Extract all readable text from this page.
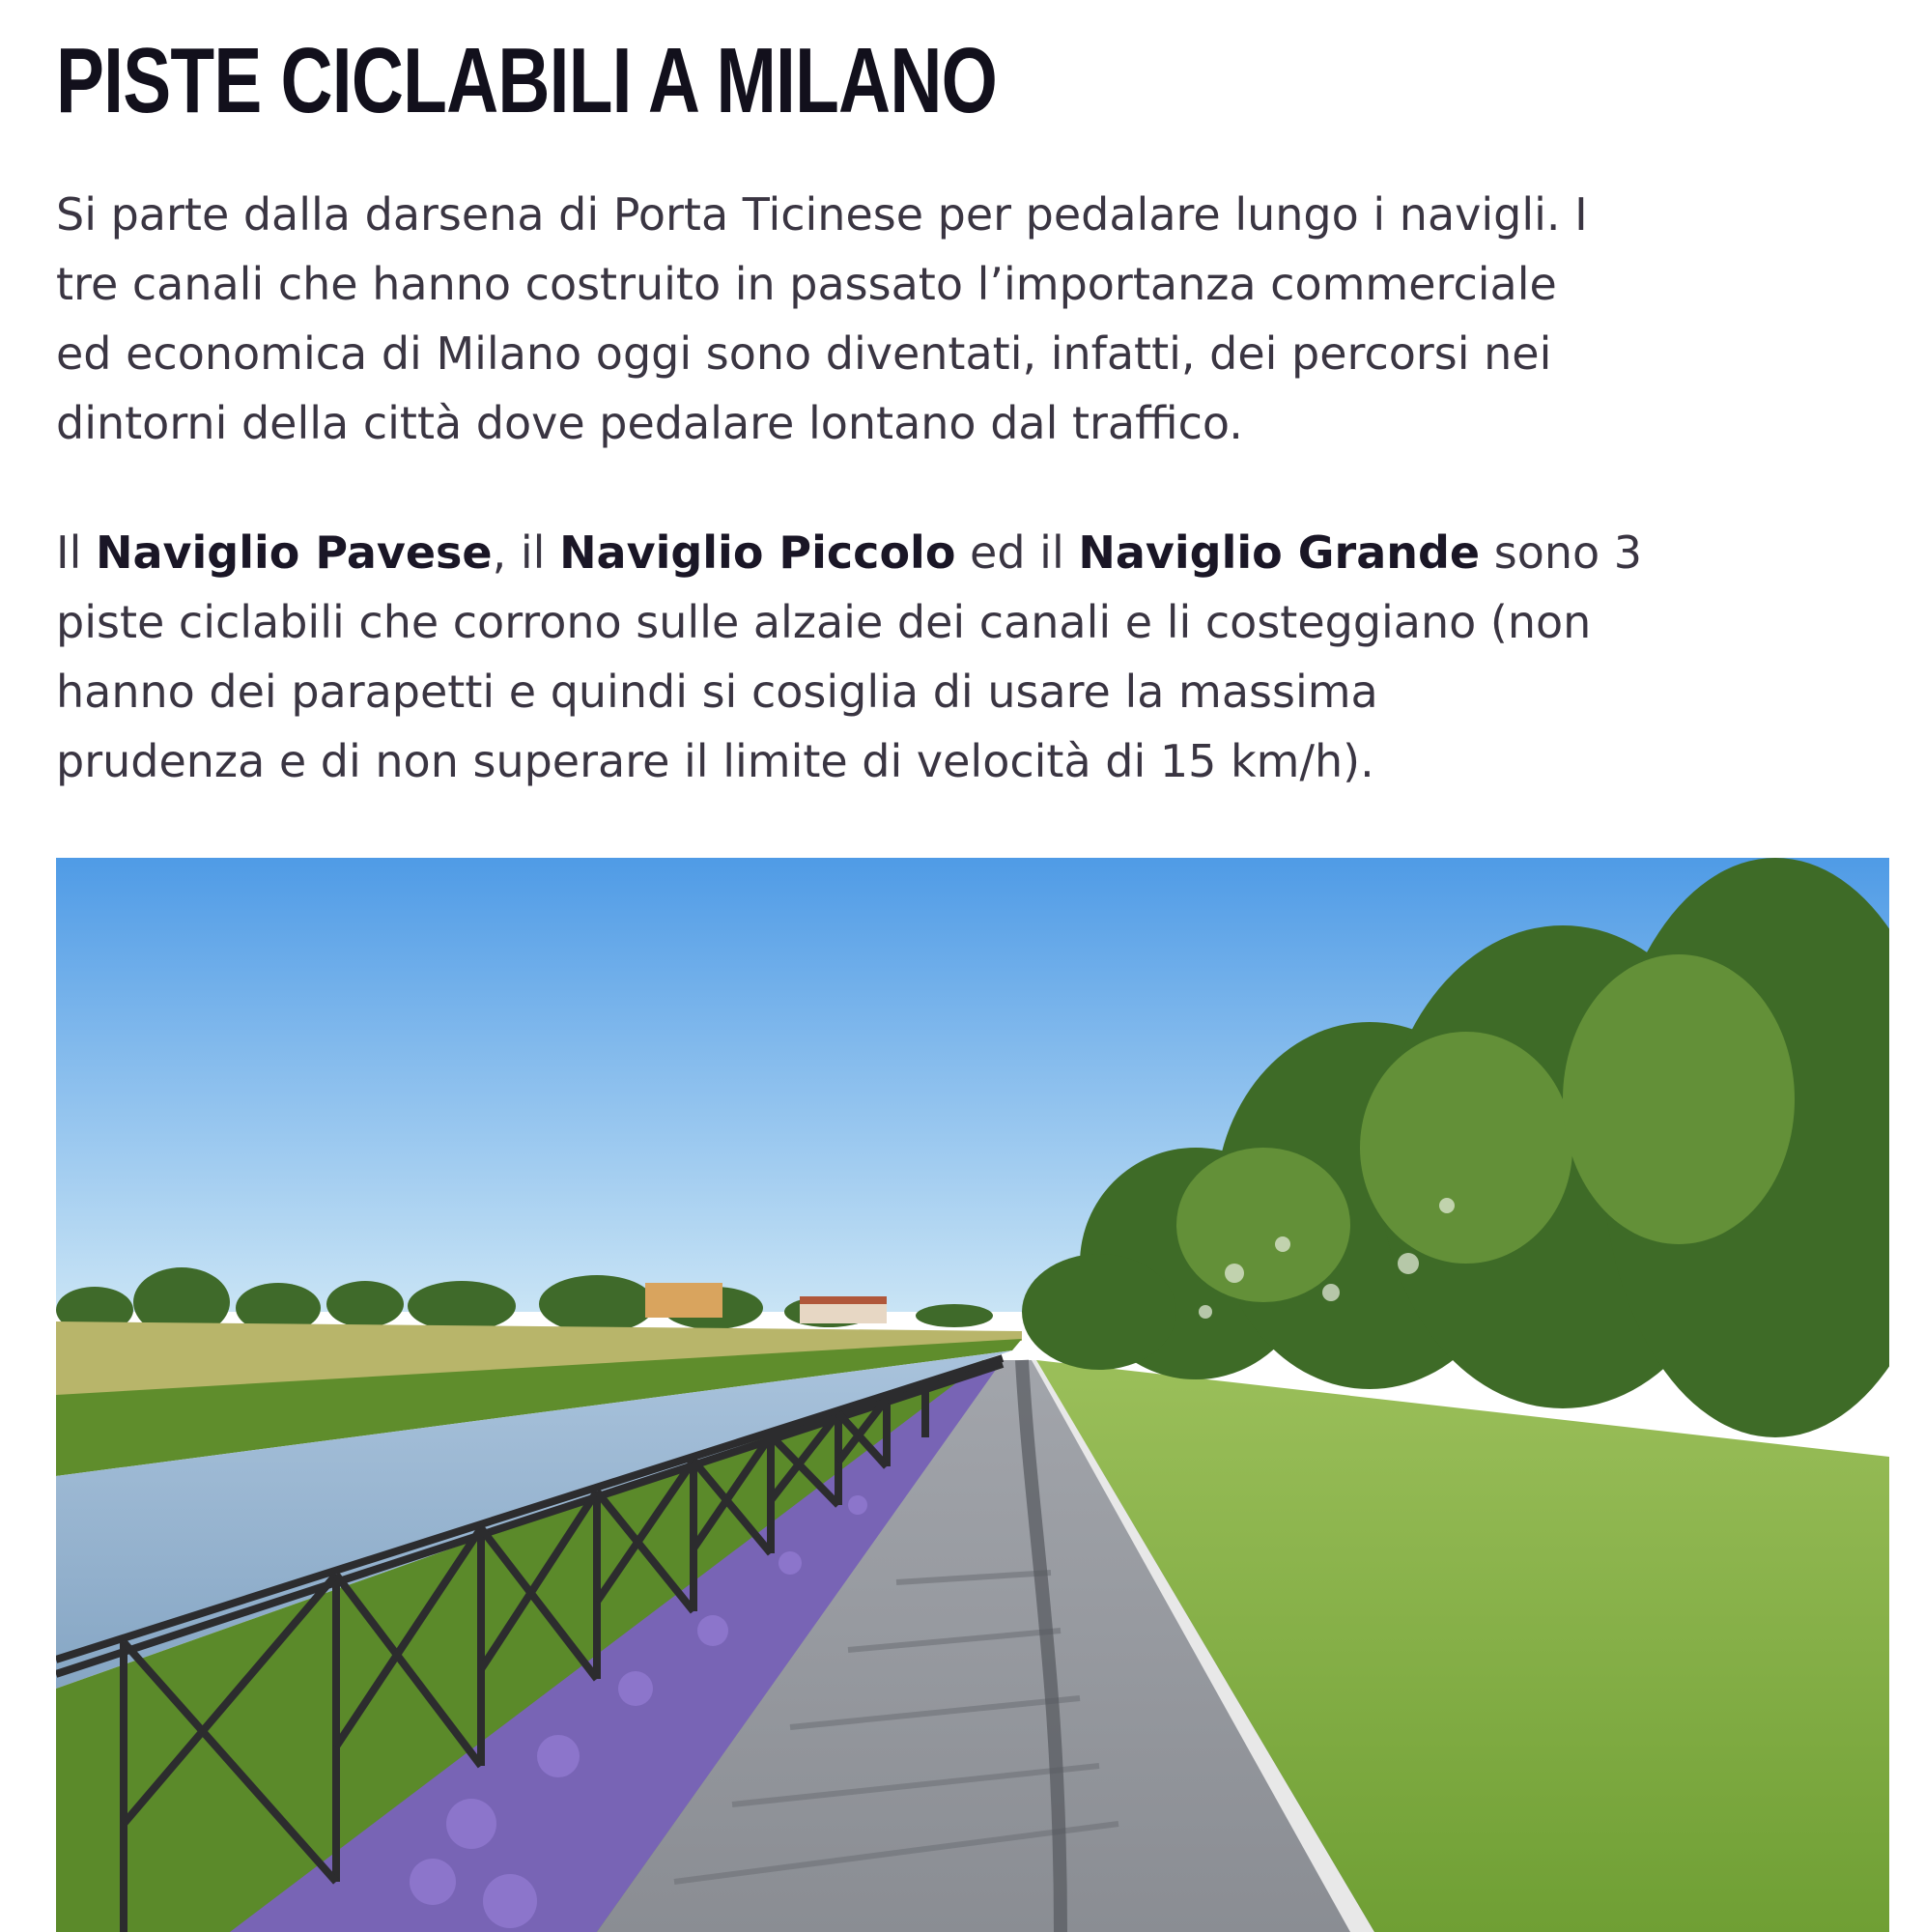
PISTE CICLABILI A MILANO

Si parte dalla darsena di Porta Ticinese per pedalare lungo i navigli. I
tre canali che hanno costruito in passato l’importanza commerciale
ed economica di Milano oggi sono diventati, infatti, dei percorsi nei
dintorni della città dove pedalare lontano dal traffico.

Il Naviglio Pavese, il Naviglio Piccolo ed il Naviglio Grande sono 3
piste ciclabili che corrono sulle alzaie dei canali e li costeggiano (non
hanno dei parapetti e quindi si cosiglia di usare la massima
prudenza e di non superare il limite di velocità di 15 km/h).
